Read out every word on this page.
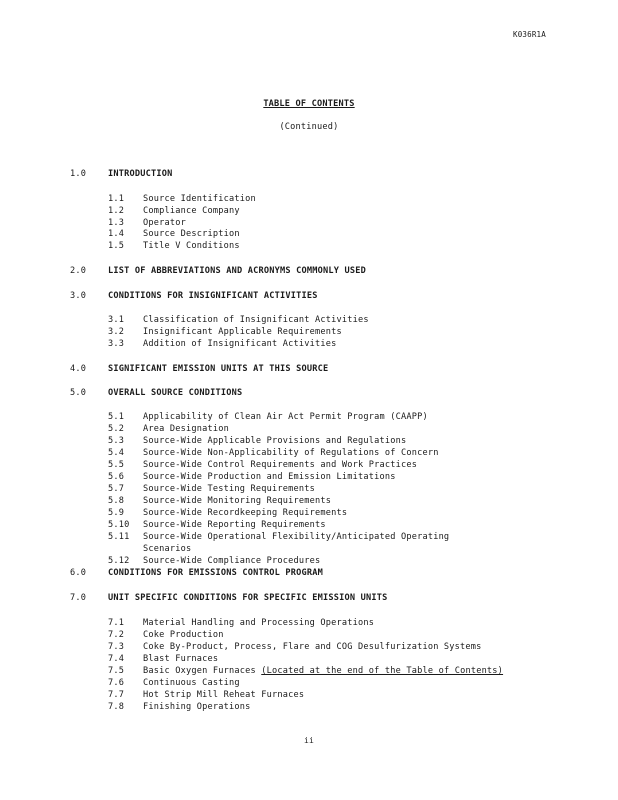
K036R1A
TABLE OF CONTENTS
(Continued)
1.0	INTRODUCTION
1.1 Source Identification
1.2 Compliance Company
1.3 Operator
1.4 Source Description
1.5 Title V Conditions
2.0	LIST OF ABBREVIATIONS AND ACRONYMS COMMONLY USED
3.0	CONDITIONS FOR INSIGNIFICANT ACTIVITIES
3.1 Classification of Insignificant Activities
3.2 Insignificant Applicable Requirements
3.3 Addition of Insignificant Activities
4.0	SIGNIFICANT EMISSION UNITS AT THIS SOURCE
5.0	OVERALL SOURCE CONDITIONS
5.1 Applicability of Clean Air Act Permit Program (CAAPP)
5.2 Area Designation
5.3 Source-Wide Applicable Provisions and Regulations
5.4 Source-Wide Non-Applicability of Regulations of Concern
5.5 Source-Wide Control Requirements and Work Practices
5.6 Source-Wide Production and Emission Limitations
5.7 Source-Wide Testing Requirements
5.8 Source-Wide Monitoring Requirements
5.9 Source-Wide Recordkeeping Requirements
5.10 Source-Wide Reporting Requirements
5.11 Source-Wide Operational Flexibility/Anticipated Operating
Scenarios
5.12 Source-Wide Compliance Procedures
6.0	CONDITIONS FOR EMISSIONS CONTROL PROGRAM
7.0	UNIT SPECIFIC CONDITIONS FOR SPECIFIC EMISSION UNITS
7.1 Material Handling and Processing Operations
7.2 Coke Production
7.3 Coke By-Product, Process, Flare and COG Desulfurization Systems
7.4 Blast Furnaces
7.5 Basic Oxygen Furnaces (Located at the end of the Table of Contents)
7.6 Continuous Casting
7.7 Hot Strip Mill Reheat Furnaces
7.8 Finishing Operations
ii
